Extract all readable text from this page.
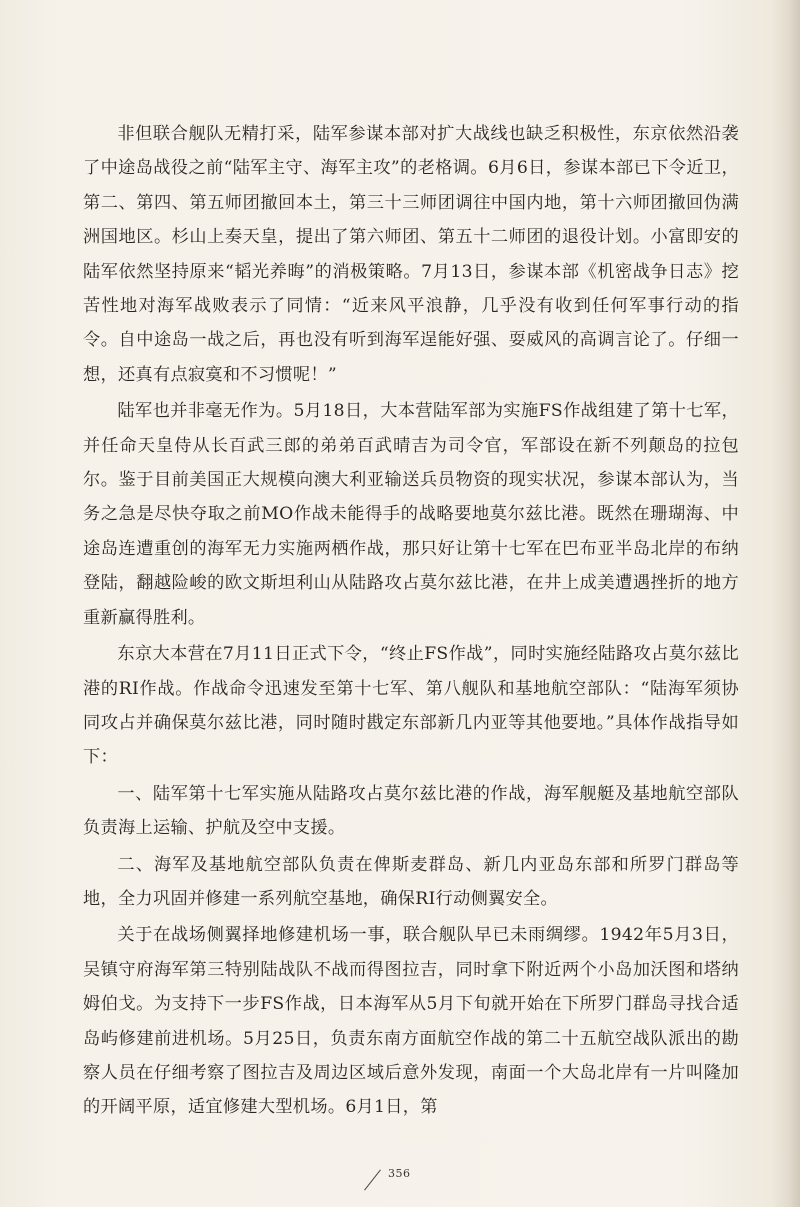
非但联合舰队无精打采，陆军参谋本部对扩大战线也缺乏积极性，东京依然沿袭了中途岛战役之前“陆军主守、海军主攻”的老格调。6月6日，参谋本部已下令近卫，第二、第四、第五师团撤回本土，第三十三师团调往中国内地，第十六师团撤回伪满洲国地区。杉山上奏天皇，提出了第六师团、第五十二师团的退役计划。小富即安的陆军依然坚持原来“韬光养晦”的消极策略。7月13日，参谋本部《机密战争日志》挖苦性地对海军战败表示了同情：“近来风平浪静，几乎没有收到任何军事行动的指令。自中途岛一战之后，再也没有听到海军逞能好强、耍威风的高调言论了。仔细一想，还真有点寂寞和不习惯呢！”

陆军也并非毫无作为。5月18日，大本营陆军部为实施FS作战组建了第十七军，并任命天皇侍从长百武三郎的弟弟百武晴吉为司令官，军部设在新不列颠岛的拉包尔。鉴于目前美国正大规模向澳大利亚输送兵员物资的现实状况，参谋本部认为，当务之急是尽快夺取之前MO作战未能得手的战略要地莫尔兹比港。既然在珊瑚海、中途岛连遭重创的海军无力实施两栖作战，那只好让第十七军在巴布亚半岛北岸的布纳登陆，翻越险峻的欧文斯坦利山从陆路攻占莫尔兹比港，在井上成美遭遇挫折的地方重新赢得胜利。

东京大本营在7月11日正式下令，“终止FS作战”，同时实施经陆路攻占莫尔兹比港的RI作战。作战命令迅速发至第十七军、第八舰队和基地航空部队：“陆海军须协同攻占并确保莫尔兹比港，同时随时戡定东部新几内亚等其他要地。”具体作战指导如下：

一、陆军第十七军实施从陆路攻占莫尔兹比港的作战，海军舰艇及基地航空部队负责海上运输、护航及空中支援。

二、海军及基地航空部队负责在俾斯麦群岛、新几内亚岛东部和所罗门群岛等地，全力巩固并修建一系列航空基地，确保RI行动侧翼安全。

关于在战场侧翼择地修建机场一事，联合舰队早已未雨绸缪。1942年5月3日，吴镇守府海军第三特别陆战队不战而得图拉吉，同时拿下附近两个小岛加沃图和塔纳姆伯戈。为支持下一步FS作战，日本海军从5月下旬就开始在下所罗门群岛寻找合适岛屿修建前进机场。5月25日，负责东南方面航空作战的第二十五航空战队派出的勘察人员在仔细考察了图拉吉及周边区域后意外发现，南面一个大岛北岸有一片叫隆加的开阔平原，适宜修建大型机场。6月1日，第

356
